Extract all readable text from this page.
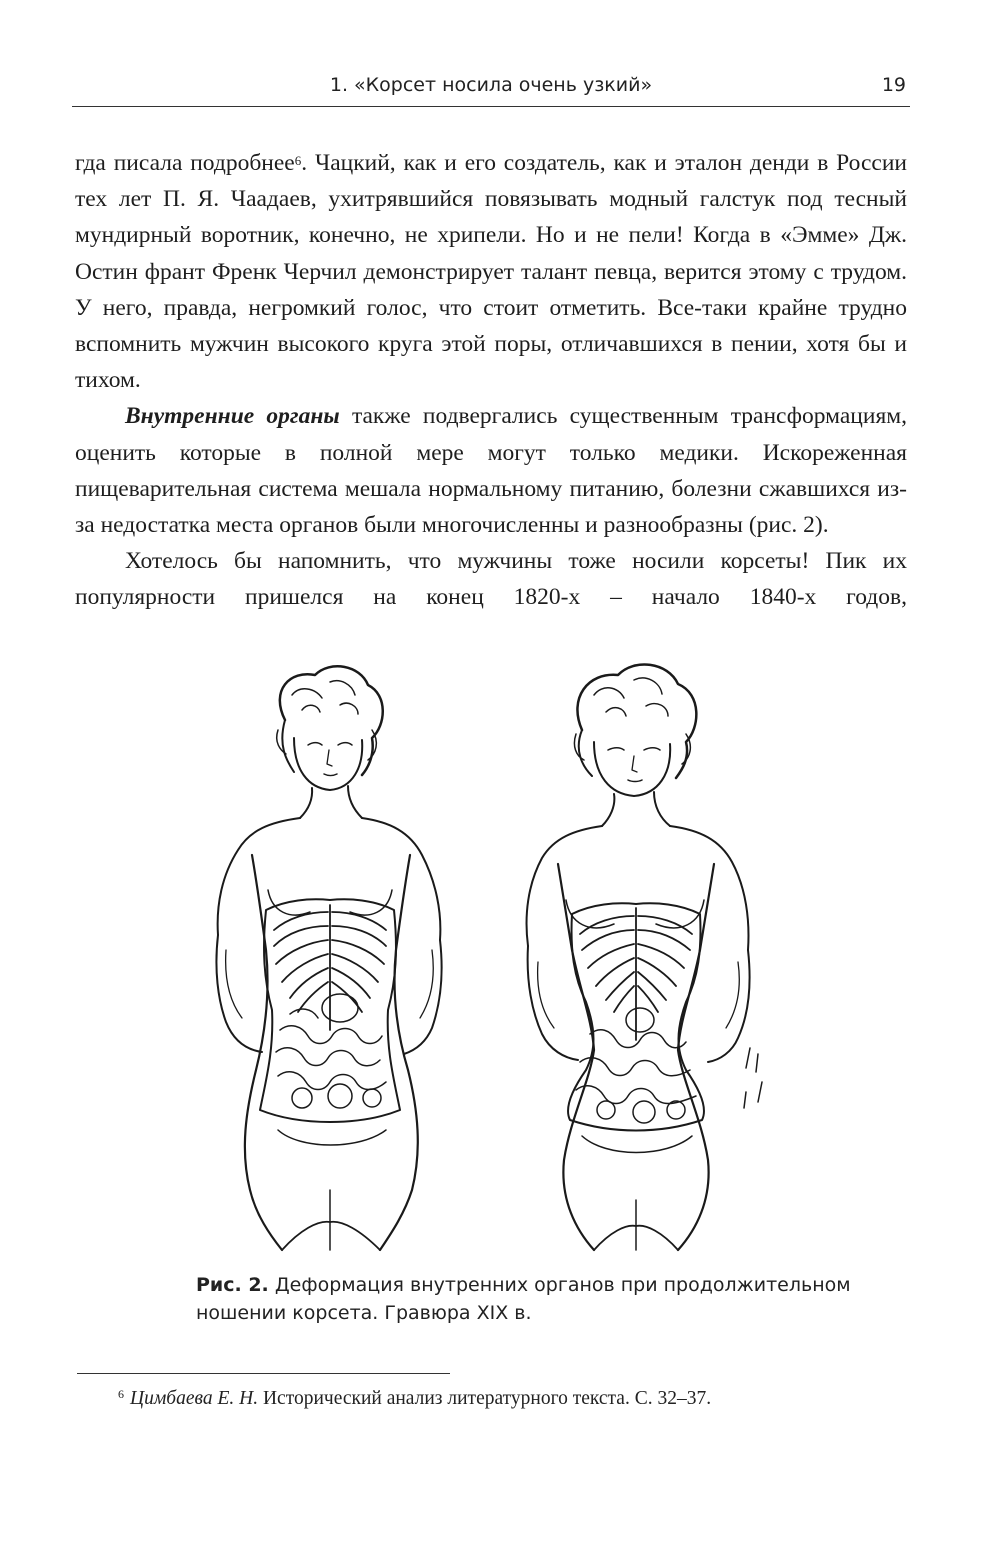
1. «Корсет носила очень узкий»	19

гда писала подробнее$^6$. Чацкий, как и его создатель, как и эталон денди в России тех лет П. Я. Чаадаев, ухитрявшийся повязывать модный галстук под тесный мундирный воротник, конечно, не хрипели. Но и не пели! Когда в «Эмме» Дж. Остин франт Френк Черчил демонстрирует талант певца, верится этому с трудом. У него, правда, негромкий голос, что стоит отметить. Все-таки крайне трудно вспомнить мужчин высокого круга этой поры, отличавшихся в пении, хотя бы и тихом.

Внутренние органы также подвергались существенным трансформациям, оценить которые в полной мере могут только медики. Искореженная пищеварительная система мешала нормальному питанию, болезни сжавшихся из-за недостатка места органов были многочисленны и разнообразны (рис. 2).

Хотелось бы напомнить, что мужчины тоже носили корсеты! Пик их популярности пришелся на конец 1820-х – начало 1840-х годов,

Рис. 2. Деформация внутренних органов при продолжительном ношении корсета. Гравюра XIX в.
$^6$ Цимбаева Е. Н. Исторический анализ литературного текста. С. 32–37.
